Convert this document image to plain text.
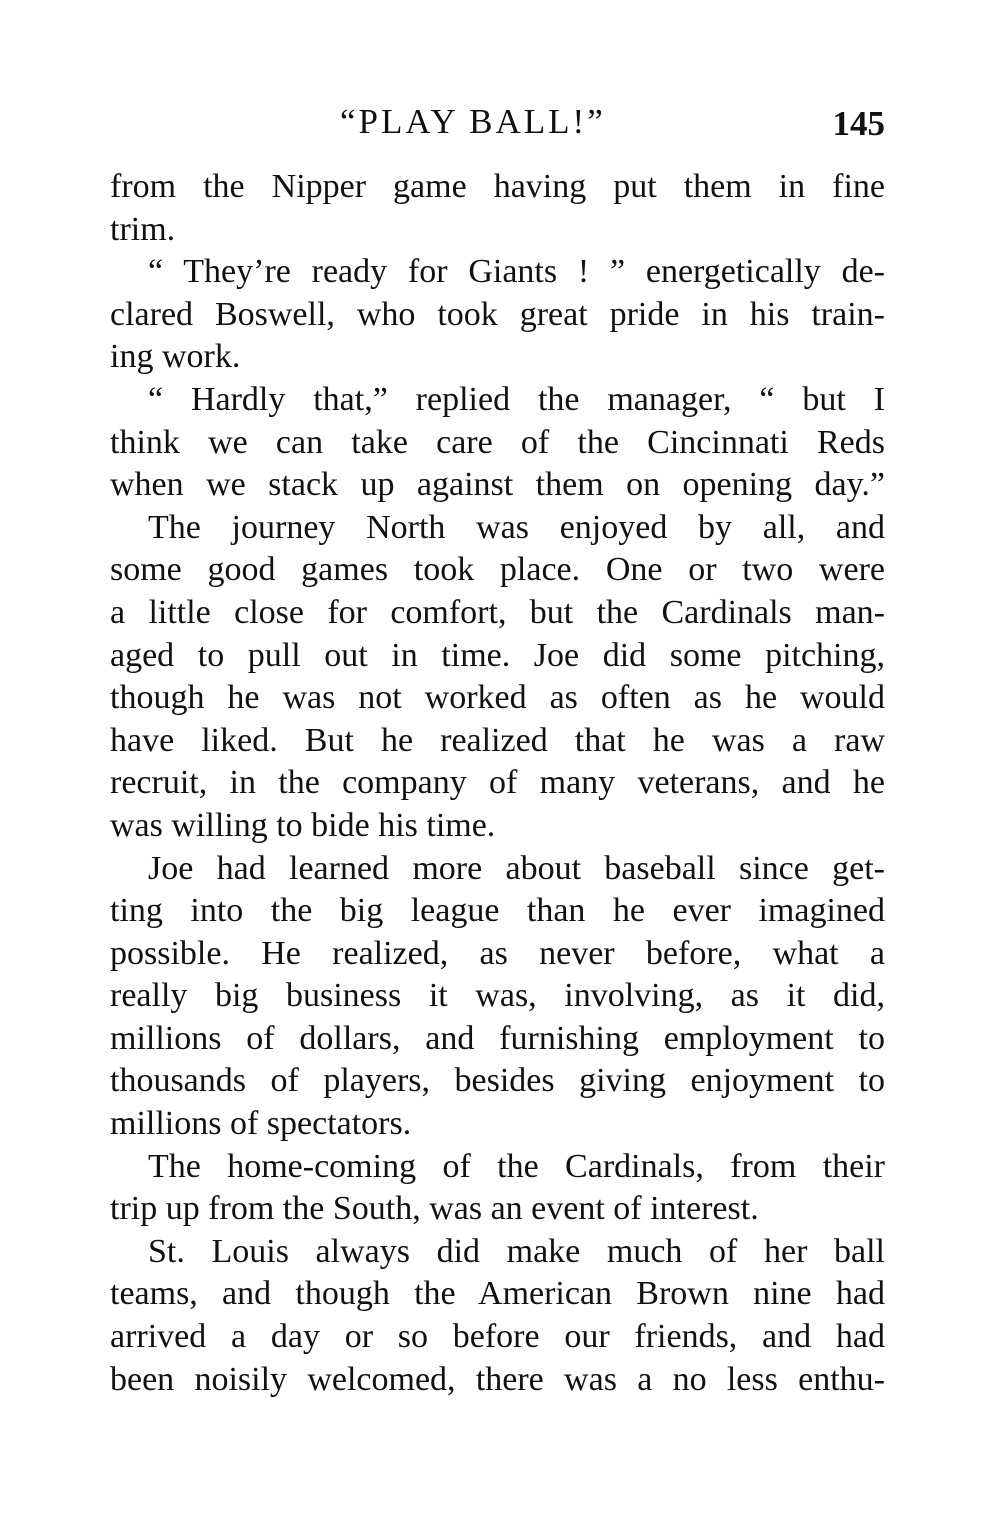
“PLAY BALL!”	145
from the Nipper game having put them in fine
trim.
“ They’re ready for Giants ! ” energetically de-
clared Boswell, who took great pride in his train-
ing work.
“ Hardly that,” replied the manager, “ but I
think we can take care of the Cincinnati Reds
when we stack up against them on opening day.”
The journey North was enjoyed by all, and
some good games took place. One or two were
a little close for comfort, but the Cardinals man-
aged to pull out in time. Joe did some pitching,
though he was not worked as often as he would
have liked. But he realized that he was a raw
recruit, in the company of many veterans, and he
was willing to bide his time.
Joe had learned more about baseball since get-
ting into the big league than he ever imagined
possible. He realized, as never before, what a
really big business it was, involving, as it did,
millions of dollars, and furnishing employment to
thousands of players, besides giving enjoyment to
millions of spectators.
The home-coming of the Cardinals, from their
trip up from the South, was an event of interest.
St. Louis always did make much of her ball
teams, and though the American Brown nine had
arrived a day or so before our friends, and had
been noisily welcomed, there was a no less enthu-
